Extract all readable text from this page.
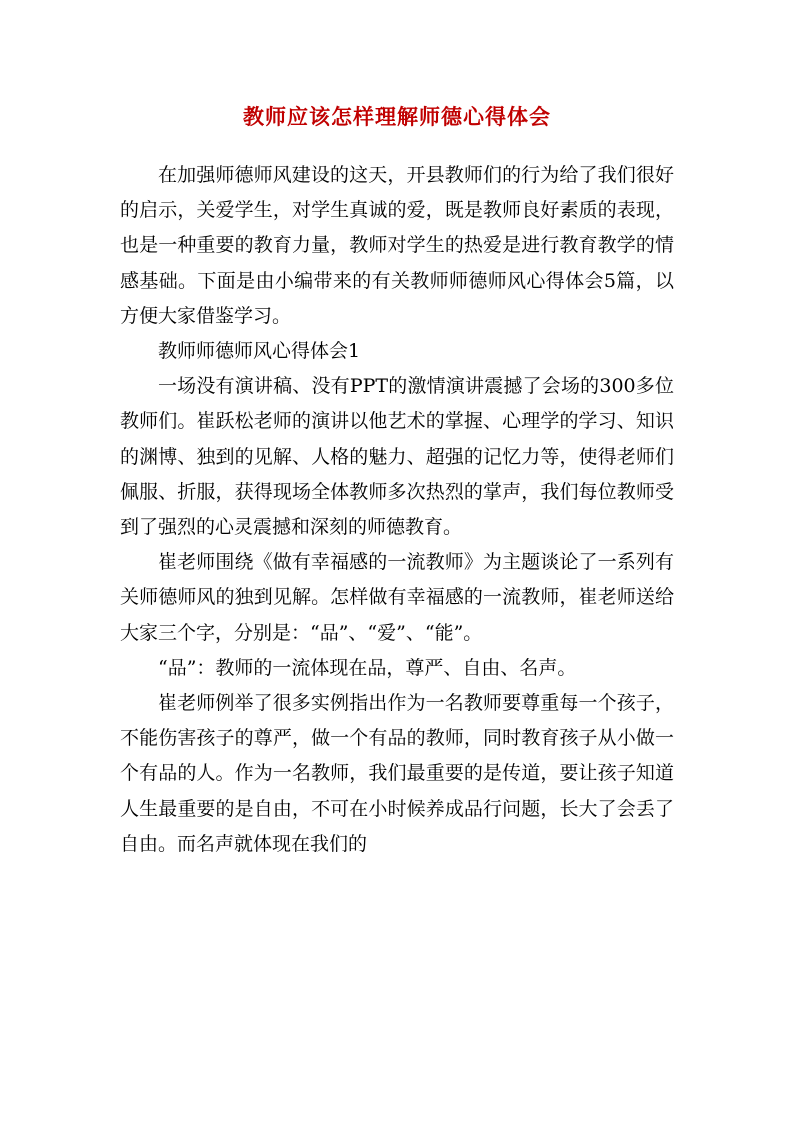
教师应该怎样理解师德心得体会

在加强师德师风建设的这天，开县教师们的行为给了我们很好的启示，关爱学生，对学生真诚的爱，既是教师良好素质的表现，也是一种重要的教育力量，教师对学生的热爱是进行教育教学的情感基础。下面是由小编带来的有关教师师德师风心得体会5篇，以方便大家借鉴学习。

教师师德师风心得体会1

一场没有演讲稿、没有PPT的激情演讲震撼了会场的300多位教师们。崔跃松老师的演讲以他艺术的掌握、心理学的学习、知识的渊博、独到的见解、人格的魅力、超强的记忆力等，使得老师们佩服、折服，获得现场全体教师多次热烈的掌声，我们每位教师受到了强烈的心灵震撼和深刻的师德教育。

崔老师围绕《做有幸福感的一流教师》为主题谈论了一系列有关师德师风的独到见解。怎样做有幸福感的一流教师，崔老师送给大家三个字，分别是：“品”、“爱”、“能”。

“品”：教师的一流体现在品，尊严、自由、名声。

崔老师例举了很多实例指出作为一名教师要尊重每一个孩子，不能伤害孩子的尊严，做一个有品的教师，同时教育孩子从小做一个有品的人。作为一名教师，我们最重要的是传道，要让孩子知道人生最重要的是自由，不可在小时候养成品行问题，长大了会丢了自由。而名声就体现在我们的
